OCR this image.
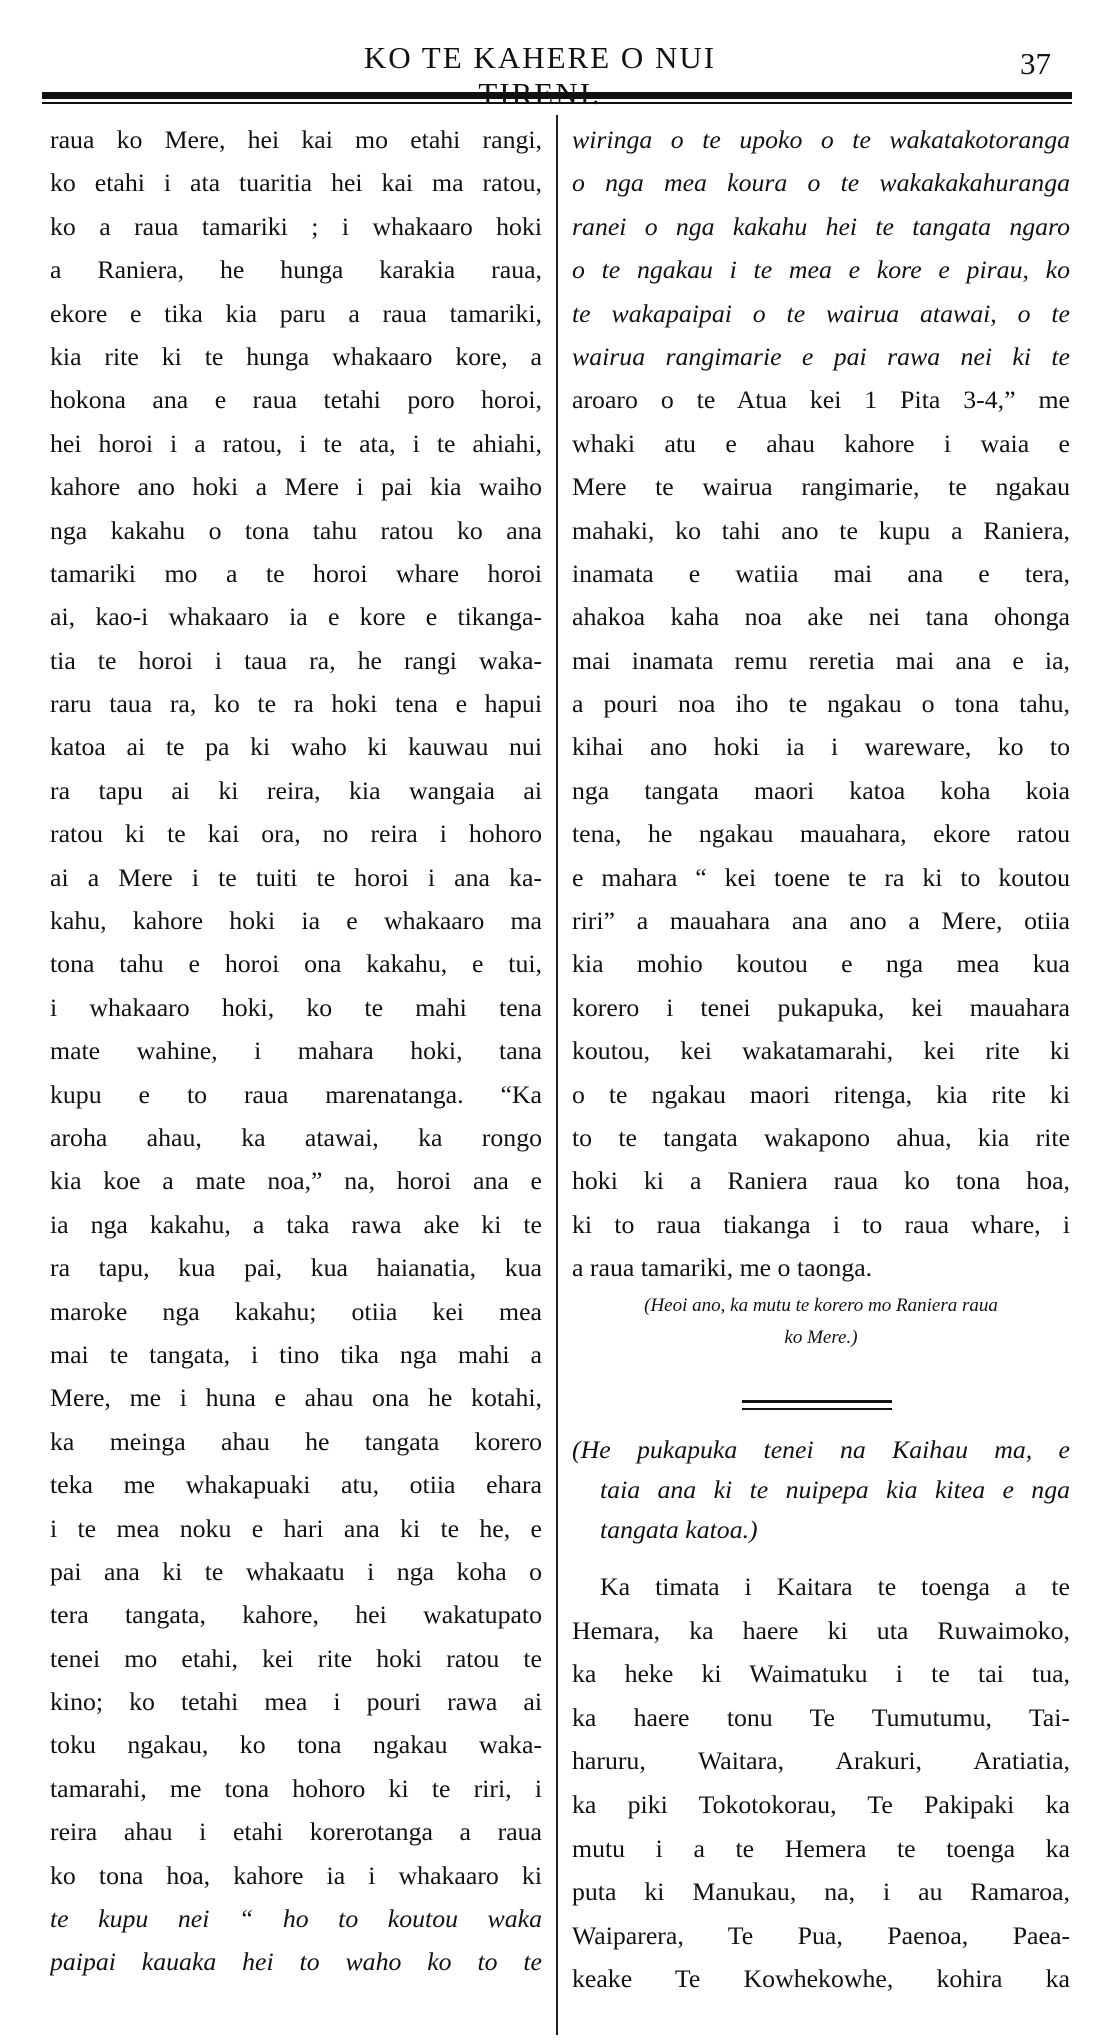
KO TE KAHERE O NUI	37
raua ko Mere, hei kai mo etahi rangi,
ko etahi i ata tuaritia hei kai ma ratou,
ko a raua tamariki ; i whakaaro hoki
a Raniera, he hunga karakia raua,
ekore e tika kia paru a raua tamariki,
kia rite ki te hunga whakaaro kore, a
hokona ana e raua tetahi poro horoi,
hei horoi i a ratou, i te ata, i te ahiahi,
kahore ano hoki a Mere i pai kia waiho
nga kakahu o tona tahu ratou ko ana
tamariki mo a te horoi whare horoi
ai, kao-i whakaaro ia e kore e tikanga-
tia te horoi i taua ra, he rangi waka-
raru taua ra, ko te ra hoki tena e hapui
katoa ai te pa ki waho ki kauwau nui
ra tapu ai ki reira, kia wangaia ai
ratou ki te kai ora, no reira i hohoro
ai a Mere i te tuiti te horoi i ana ka-
kahu, kahore hoki ia e whakaaro ma
tona tahu e horoi ona kakahu, e tui,
i whakaaro hoki, ko te mahi tena
mate wahine, i mahara hoki, tana
kupu e to raua marenatanga. “Ka
aroha ahau, ka atawai, ka rongo
kia koe a mate noa,” na, horoi ana e
ia nga kakahu, a taka rawa ake ki te
ra tapu, kua pai, kua haianatia, kua
maroke nga kakahu; otiia kei mea
mai te tangata, i tino tika nga mahi a
Mere, me i huna e ahau ona he kotahi,
ka meinga ahau he tangata korero
teka me whakapuaki atu, otiia ehara
i te mea noku e hari ana ki te he, e
pai ana ki te whakaatu i nga koha o
tera tangata, kahore, hei wakatupato
tenei mo etahi, kei rite hoki ratou te
kino; ko tetahi mea i pouri rawa ai
toku ngakau, ko tona ngakau waka-
tamarahi, me tona hohoro ki te riri, i
reira ahau i etahi korerotanga a raua
ko tona hoa, kahore ia i whakaaro ki
te kupu nei “ ho to koutou waka
paipai kauaka hei to waho ko to te
wiringa o te upoko o te wakatakotoranga
o nga mea koura o te wakakakahuranga
ranei o nga kakahu hei te tangata ngaro
o te ngakau i te mea e kore e pirau, ko
te wakapaipai o te wairua atawai, o te
wairua rangimarie e pai rawa nei ki te
aroaro o te Atua kei 1 Pita 3-4,” me
whaki atu e ahau kahore i waia e
Mere te wairua rangimarie, te ngakau
mahaki, ko tahi ano te kupu a Raniera,
inamata e watiia mai ana e tera,
ahakoa kaha noa ake nei tana ohonga
mai inamata remu reretia mai ana e ia,
a pouri noa iho te ngakau o tona tahu,
kihai ano hoki ia i wareware, ko to
nga tangata maori katoa koha koia
tena, he ngakau mauahara, ekore ratou
e mahara “ kei toene te ra ki to koutou
riri” a mauahara ana ano a Mere, otiia
kia mohio koutou e nga mea kua
korero i tenei pukapuka, kei mauahara
koutou, kei wakatamarahi, kei rite ki
o te ngakau maori ritenga, kia rite ki
to te tangata wakapono ahua, kia rite
hoki ki a Raniera raua ko tona hoa,
ki to raua tiakanga i to raua whare, i
a raua tamariki, me o taonga.
(Heoi ano, ka mutu te korero mo Raniera raua
ko Mere.)
(He pukapuka tenei na Kaihau ma, e
taia ana ki te nuipepa kia kitea e nga
tangata katoa.)
Ka timata i Kaitara te toenga a te
Hemara, ka haere ki uta Ruwaimoko,
ka heke ki Waimatuku i te tai tua,
ka haere tonu Te Tumutumu, Tai-
haruru, Waitara, Arakuri, Aratiatia,
ka piki Tokotokorau, Te Pakipaki ka
mutu i a te Hemera te toenga ka
puta ki Manukau, na, i au Ramaroa,
Waiparera, Te Pua, Paenoa, Paea-
keake Te Kowhekowhe, kohira ka
